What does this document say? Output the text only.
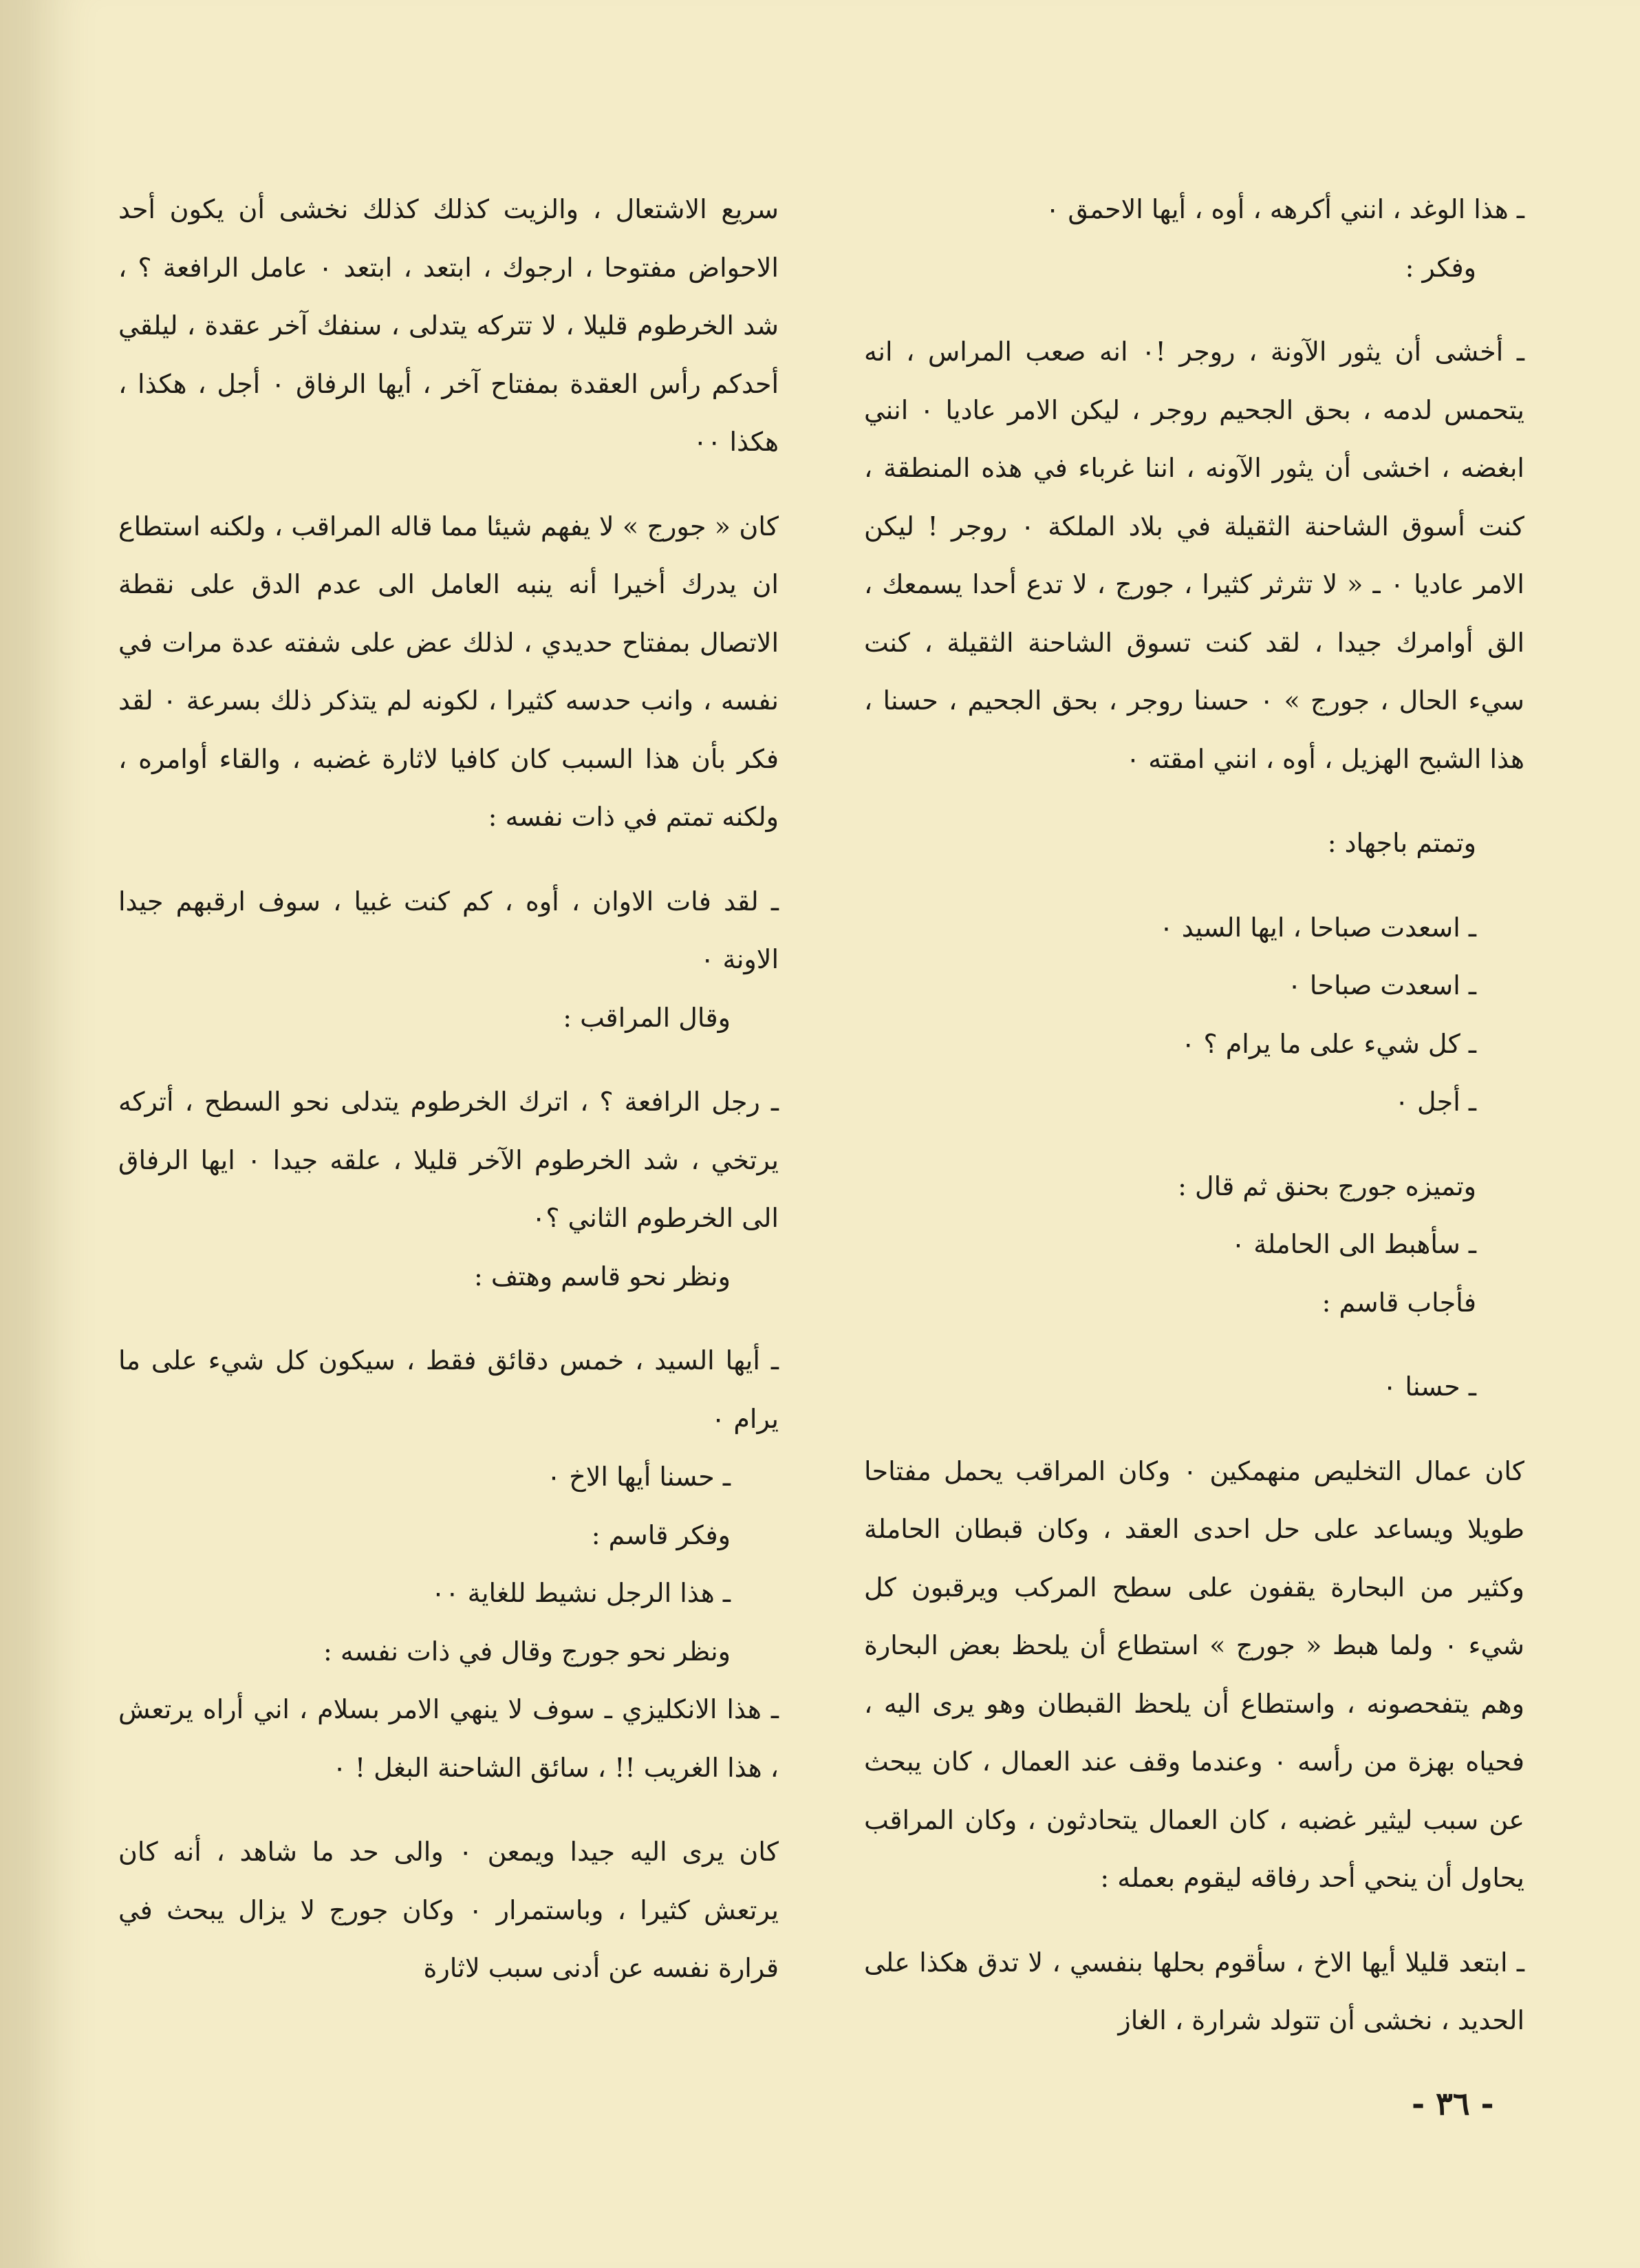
ـ هذا الوغد ، انني أكرهه ، أوه ، أيها الاحمق ٠

وفكر :

ـ أخشى أن يثور الآونة ، روجر !٠ انه صعب المراس ، انه يتحمس لدمه ، بحق الجحيم روجر ، ليكن الامر عاديا ٠ انني ابغضه ، اخشى أن يثور الآونه ، اننا غرباء في هذه المنطقة ، كنت أسوق الشاحنة الثقيلة في بلاد الملكة ٠ روجر ! ليكن الامر عاديا ٠ ـ « لا تثرثر كثيرا ، جورج ، لا تدع أحدا يسمعك ، الق أوامرك جيدا ، لقد كنت تسوق الشاحنة الثقيلة ، كنت سيء الحال ، جورج » ٠ حسنا روجر ، بحق الجحيم ، حسنا ، هذا الشبح الهزيل ، أوه ، انني امقته ٠

وتمتم باجهاد :

ـ اسعدت صباحا ، ايها السيد ٠

ـ اسعدت صباحا ٠

ـ كل شيء على ما يرام ؟ ٠

ـ أجل ٠

وتميزه جورج بحنق ثم قال :

ـ سأهبط الى الحاملة ٠

فأجاب قاسم :

ـ حسنا ٠

كان عمال التخليص منهمكين ٠ وكان المراقب يحمل مفتاحا طويلا ويساعد على حل احدى العقد ، وكان قبطان الحاملة وكثير من البحارة يقفون على سطح المركب ويرقبون كل شيء ٠ ولما هبط « جورج » استطاع أن يلحظ بعض البحارة وهم يتفحصونه ، واستطاع أن يلحظ القبطان وهو يرى اليه ، فحياه بهزة من رأسه ٠ وعندما وقف عند العمال ، كان يبحث عن سبب ليثير غضبه ، كان العمال يتحادثون ، وكان المراقب يحاول أن ينحي أحد رفاقه ليقوم بعمله :

ـ ابتعد قليلا أيها الاخ ، سأقوم بحلها بنفسي ، لا تدق هكذا على الحديد ، نخشى أن تتولد شرارة ، الغاز

سريع الاشتعال ، والزيت كذلك كذلك نخشى أن يكون أحد الاحواض مفتوحا ، ارجوك ، ابتعد ، ابتعد ٠ عامل الرافعة ؟ ، شد الخرطوم قليلا ، لا تتركه يتدلى ، سنفك آخر عقدة ، ليلقي أحدكم رأس العقدة بمفتاح آخر ، أيها الرفاق ٠ أجل ، هكذا ، هكذا ٠٠

كان « جورج » لا يفهم شيئا مما قاله المراقب ، ولكنه استطاع ان يدرك أخيرا أنه ينبه العامل الى عدم الدق على نقطة الاتصال بمفتاح حديدي ، لذلك عض على شفته عدة مرات في نفسه ، وانب حدسه كثيرا ، لكونه لم يتذكر ذلك بسرعة ٠ لقد فكر بأن هذا السبب كان كافيا لاثارة غضبه ، والقاء أوامره ، ولكنه تمتم في ذات نفسه :

ـ لقد فات الاوان ، أوه ، كم كنت غبيا ، سوف ارقبهم جيدا الاونة ٠

وقال المراقب :

ـ رجل الرافعة ؟ ، اترك الخرطوم يتدلى نحو السطح ، أتركه يرتخي ، شد الخرطوم الآخر قليلا ، علقه جيدا ٠ ايها الرفاق الى الخرطوم الثاني ؟٠

ونظر نحو قاسم وهتف :

ـ أيها السيد ، خمس دقائق فقط ، سيكون كل شيء على ما يرام ٠

ـ حسنا أيها الاخ ٠

وفكر قاسم :

ـ هذا الرجل نشيط للغاية ٠٠

ونظر نحو جورج وقال في ذات نفسه :

ـ هذا الانكليزي ـ سوف لا ينهي الامر بسلام ، اني أراه يرتعش ، هذا الغريب !! ، سائق الشاحنة البغل ! ٠

كان يرى اليه جيدا ويمعن ٠ والى حد ما شاهد ، أنه كان يرتعش كثيرا ، وباستمرار ٠ وكان جورج لا يزال يبحث في قرارة نفسه عن أدنى سبب لاثارة

- ٣٦ -
